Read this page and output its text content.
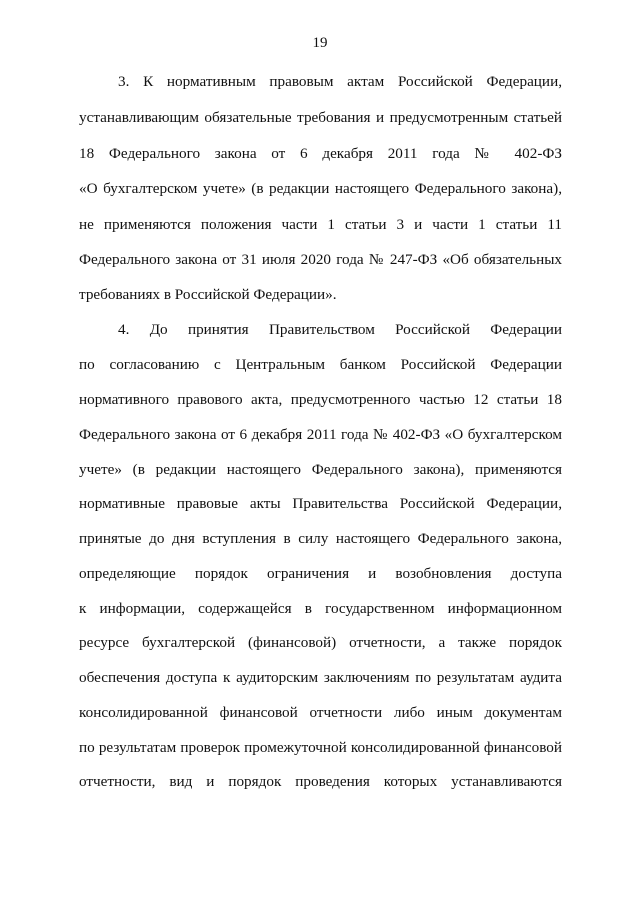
19
3. К нормативным правовым актам Российской Федерации,
устанавливающим обязательные требования и предусмотренным статьей
18 Федерального закона от 6 декабря 2011 года № 402-ФЗ
«О бухгалтерском учете» (в редакции настоящего Федерального закона),
не применяются положения части 1 статьи 3 и части 1 статьи 11
Федерального закона от 31 июля 2020 года № 247-ФЗ «Об обязательных
требованиях в Российской Федерации».
4. До принятия Правительством Российской Федерации
по согласованию с Центральным банком Российской Федерации
нормативного правового акта, предусмотренного частью 12 статьи 18
Федерального закона от 6 декабря 2011 года № 402-ФЗ «О бухгалтерском
учете» (в редакции настоящего Федерального закона), применяются
нормативные правовые акты Правительства Российской Федерации,
принятые до дня вступления в силу настоящего Федерального закона,
определяющие порядок ограничения и возобновления доступа
к информации, содержащейся в государственном информационном
ресурсе бухгалтерской (финансовой) отчетности, а также порядок
обеспечения доступа к аудиторским заключениям по результатам аудита
консолидированной финансовой отчетности либо иным документам
по результатам проверок промежуточной консолидированной финансовой
отчетности, вид и порядок проведения которых устанавливаются
